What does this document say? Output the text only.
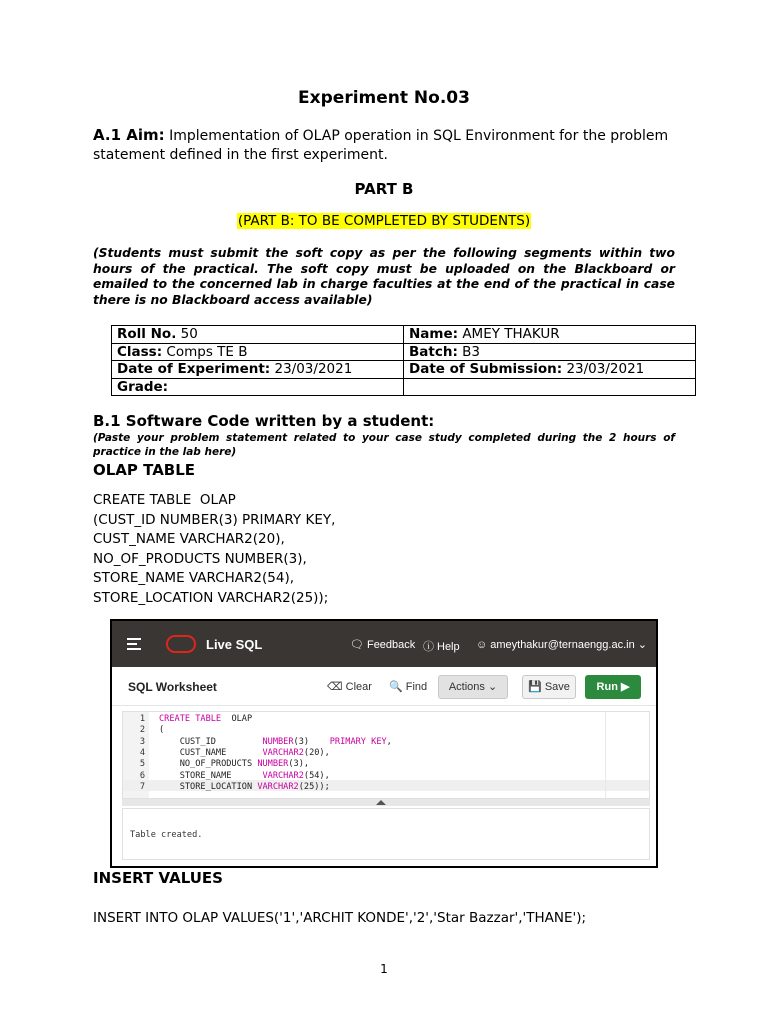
Experiment No.03
A.1 Aim: Implementation of OLAP operation in SQL Environment for the problem statement defined in the first experiment.
PART B
(PART B: TO BE COMPLETED BY STUDENTS)
(Students must submit the soft copy as per the following segments within two hours of the practical. The soft copy must be uploaded on the Blackboard or emailed to the concerned lab in charge faculties at the end of the practical in case there is no Blackboard access available)
Roll No. 50	Name: AMEY THAKUR
Class: Comps TE B	Batch: B3
Date of Experiment: 23/03/2021	Date of Submission: 23/03/2021
Grade:	
B.1 Software Code written by a student:
(Paste your problem statement related to your case study completed during the 2 hours of practice in the lab here)
OLAP TABLE
CREATE TABLE  OLAP
(CUST_ID NUMBER(3) PRIMARY KEY,
CUST_NAME VARCHAR2(20),
NO_OF_PRODUCTS NUMBER(3),
STORE_NAME VARCHAR2(54),
STORE_LOCATION VARCHAR2(25));
Live SQL	🗨 Feedback ⓘ Help ☺ ameythakur@ternaengg.ac.in ⌄
SQL Worksheet	⌫ Clear 🔍 Find	Actions ⌄	💾 Save	Run ▶
1 CREATE TABLE  OLAP
2 (
3 CUST_ID         NUMBER(3)    PRIMARY KEY,
4 CUST_NAME       VARCHAR2(20),
5 NO_OF_PRODUCTS NUMBER(3),
6 STORE_NAME      VARCHAR2(54),
7 STORE_LOCATION VARCHAR2(25));
Table created.
INSERT VALUES
INSERT INTO OLAP VALUES('1','ARCHIT KONDE','2','Star Bazzar','THANE');
1
